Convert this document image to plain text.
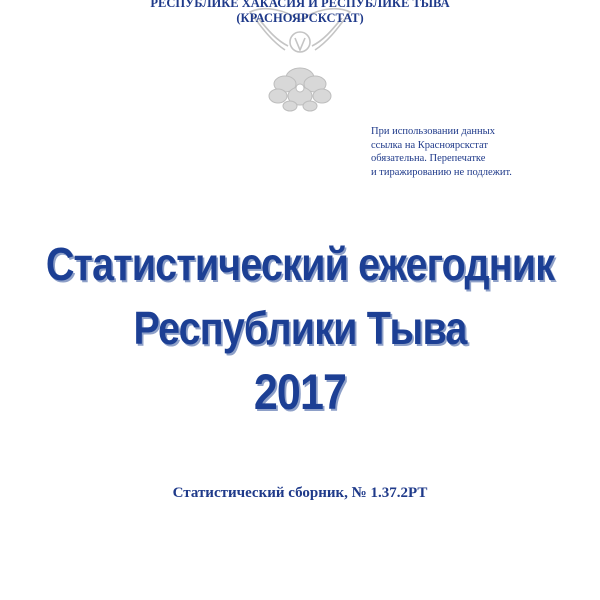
РЕСПУБЛИКЕ ХАКАСИЯ И РЕСПУБЛИКЕ ТЫВА
(КРАСНОЯРСКСТАТ)
При использовании данных
ссылка на Красноярскстат
обязательна. Перепечатке
и тиражированию не подлежит.
Статистический ежегодник
Республики Тыва
2017
Статистический сборник, № 1.37.2РТ
